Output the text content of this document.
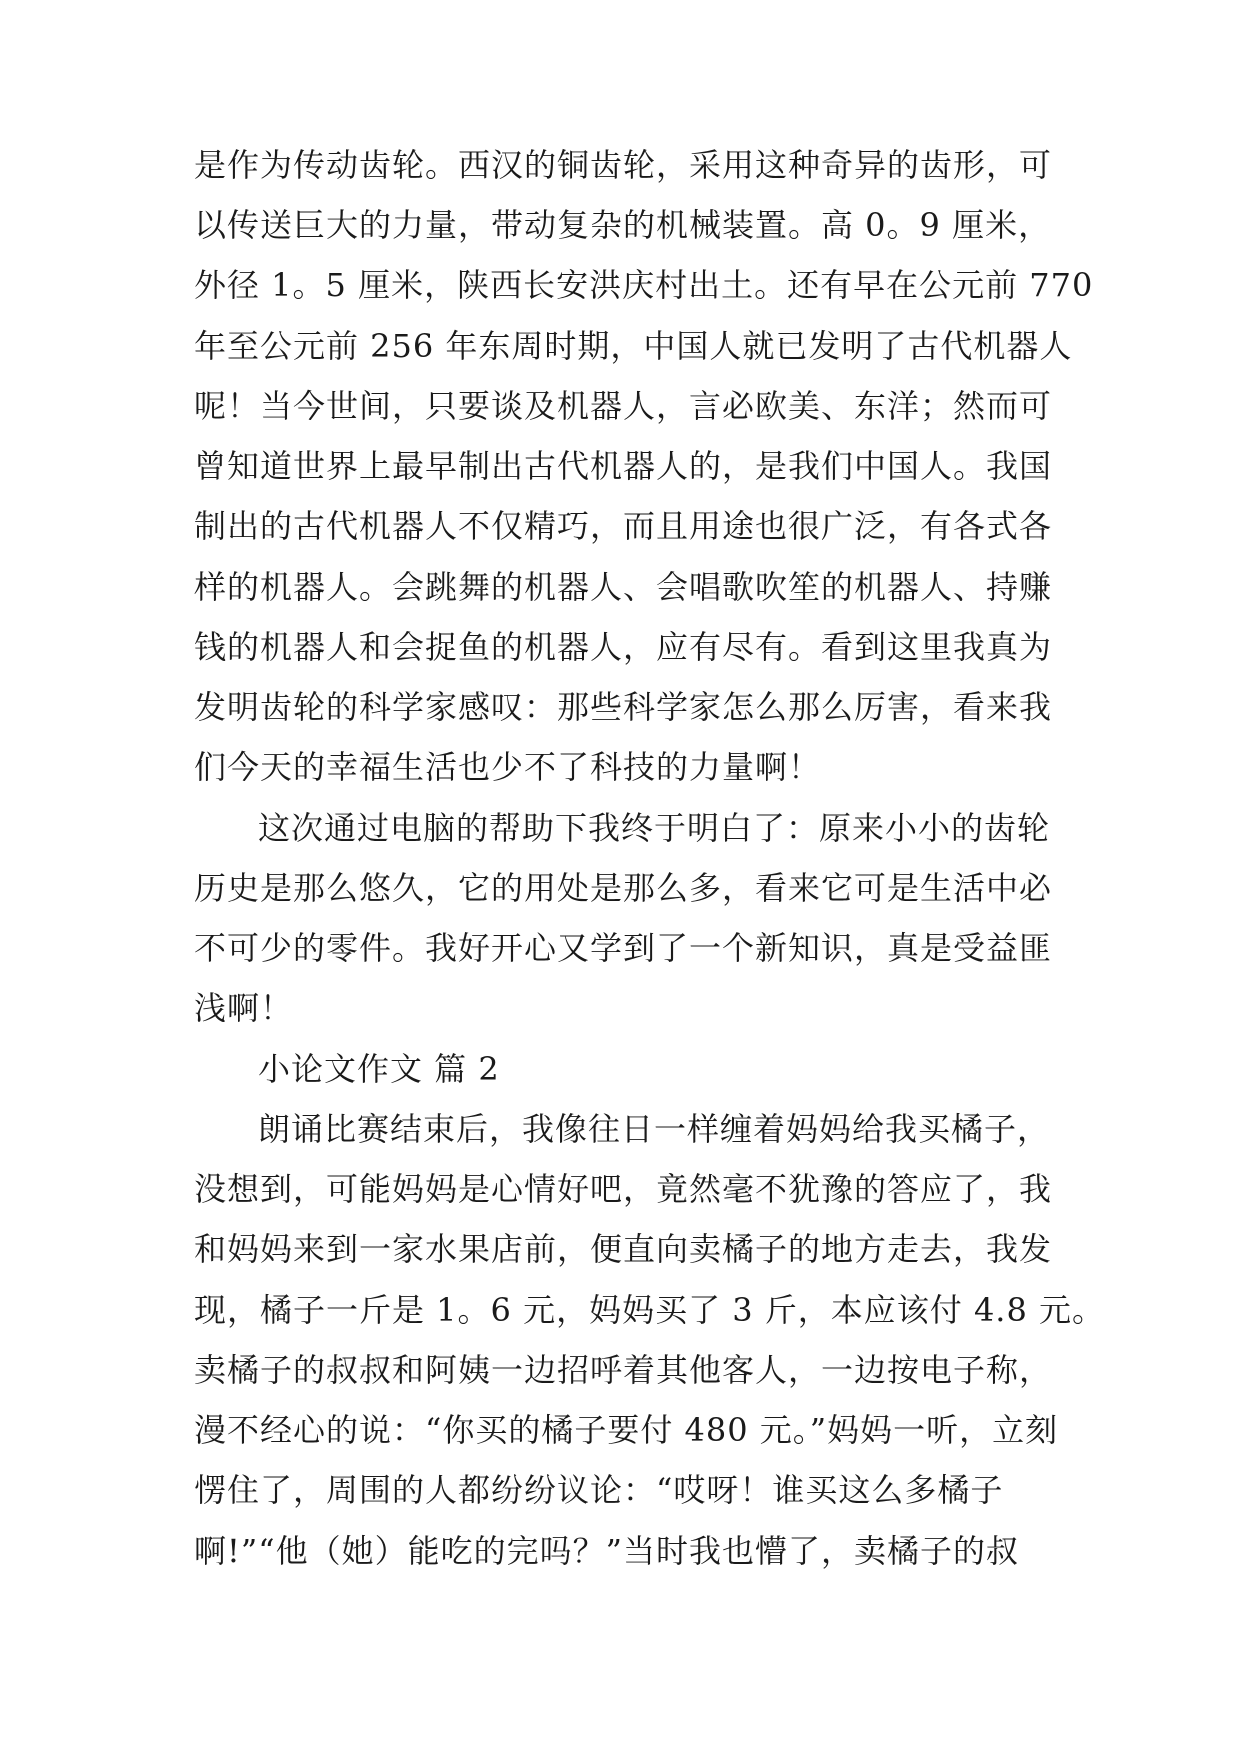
是作为传动齿轮。西汉的铜齿轮，采用这种奇异的齿形，可
以传送巨大的力量，带动复杂的机械装置。高 0。9 厘米，
外径 1。5 厘米，陕西长安洪庆村出土。还有早在公元前 770
年至公元前 256 年东周时期，中国人就已发明了古代机器人
呢！当今世间，只要谈及机器人，言必欧美、东洋；然而可
曾知道世界上最早制出古代机器人的，是我们中国人。我国
制出的古代机器人不仅精巧，而且用途也很广泛，有各式各
样的机器人。会跳舞的机器人、会唱歌吹笙的机器人、持赚
钱的机器人和会捉鱼的机器人，应有尽有。看到这里我真为
发明齿轮的科学家感叹：那些科学家怎么那么厉害，看来我
们今天的幸福生活也少不了科技的力量啊！
这次通过电脑的帮助下我终于明白了：原来小小的齿轮
历史是那么悠久，它的用处是那么多，看来它可是生活中必
不可少的零件。我好开心又学到了一个新知识，真是受益匪
浅啊！
小论文作文 篇 2
朗诵比赛结束后，我像往日一样缠着妈妈给我买橘子，
没想到，可能妈妈是心情好吧，竟然毫不犹豫的答应了，我
和妈妈来到一家水果店前，便直向卖橘子的地方走去，我发
现，橘子一斤是 1。6 元，妈妈买了 3 斤，本应该付 4.8 元。
卖橘子的叔叔和阿姨一边招呼着其他客人，一边按电子称，
漫不经心的说：“你买的橘子要付 480 元。”妈妈一听，立刻
愣住了，周围的人都纷纷议论：“哎呀！谁买这么多橘子
啊!”“他（她）能吃的完吗？”当时我也懵了，卖橘子的叔
